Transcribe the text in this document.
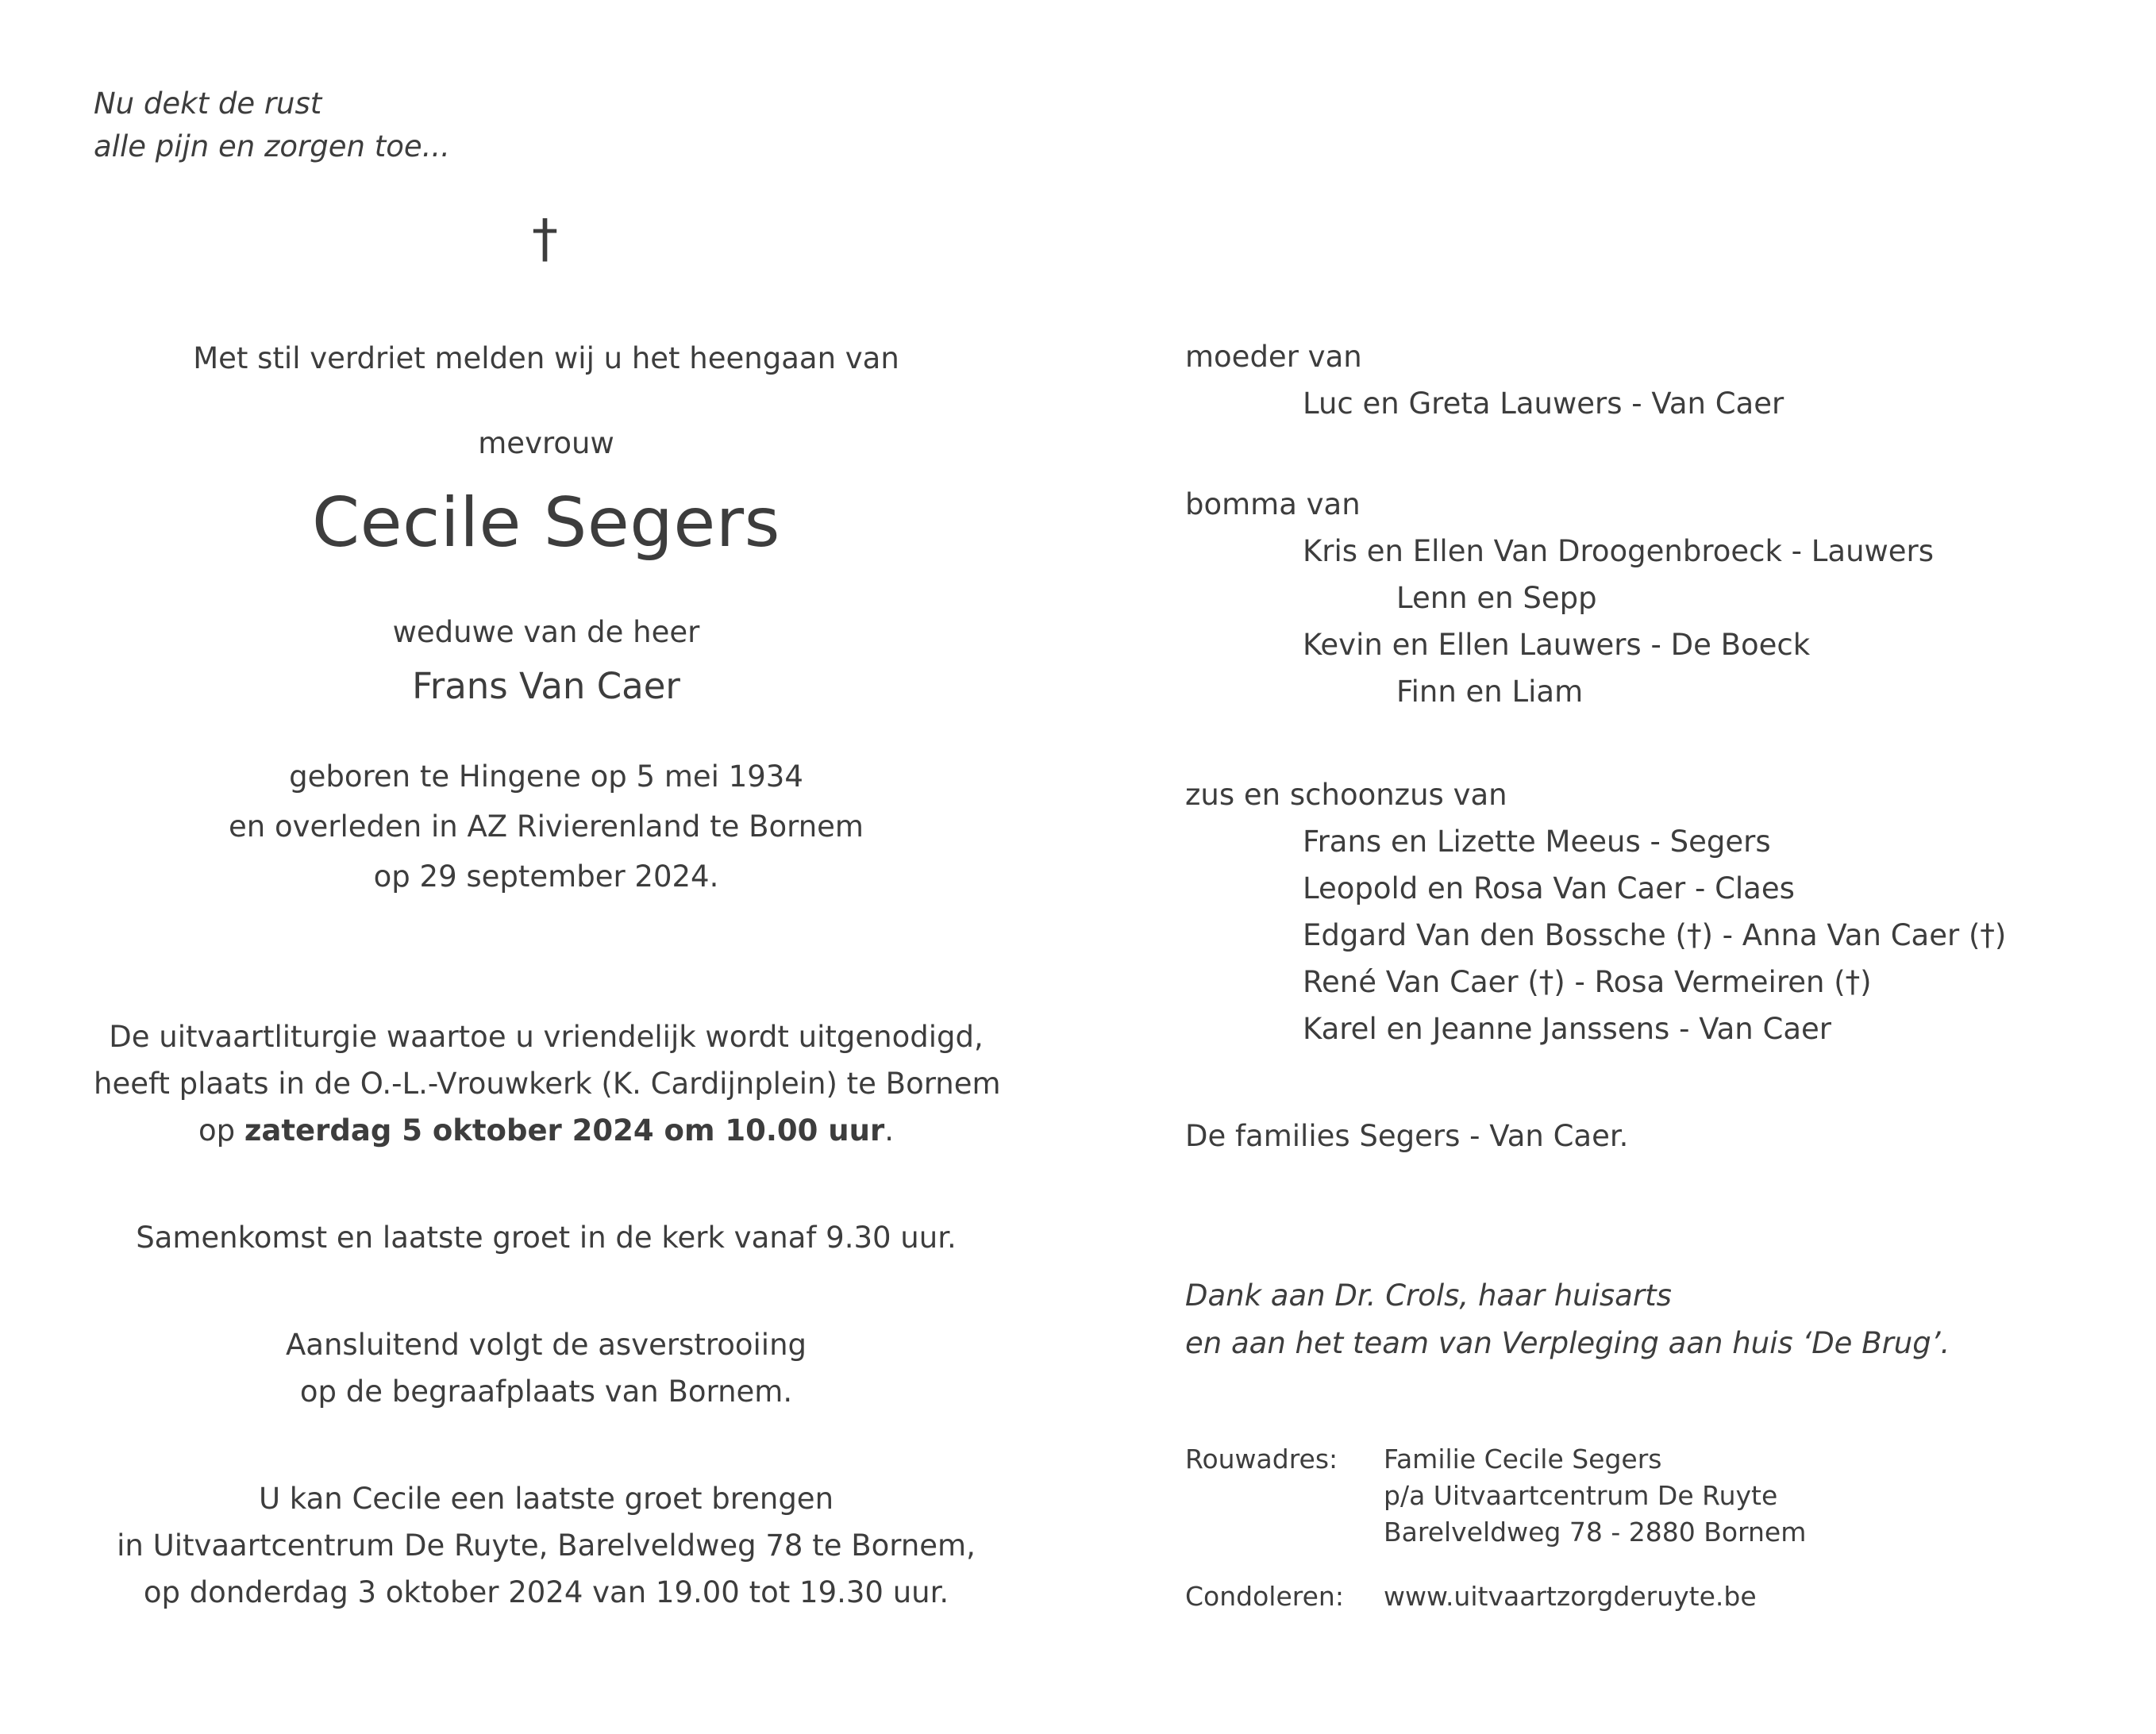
Nu dekt de rust
alle pijn en zorgen toe...
†

Met stil verdriet melden wij u het heengaan van

mevrouw

Cecile Segers

weduwe van de heer

Frans Van Caer

geboren te Hingene op 5 mei 1934

en overleden in AZ Rivierenland te Bornem

op 29 september 2024.

De uitvaartliturgie waartoe u vriendelijk wordt uitgenodigd,

heeft plaats in de O.-L.-Vrouwkerk (K. Cardijnplein) te Bornem

op zaterdag 5 oktober 2024 om 10.00 uur.

Samenkomst en laatste groet in de kerk vanaf 9.30 uur.

Aansluitend volgt de asverstrooiing

op de begraafplaats van Bornem.

U kan Cecile een laatste groet brengen

in Uitvaartcentrum De Ruyte, Barelveldweg 78 te Bornem,

op donderdag 3 oktober 2024 van 19.00 tot 19.30 uur.

moeder van

Luc en Greta Lauwers - Van Caer

bomma van

Kris en Ellen Van Droogenbroeck - Lauwers

Lenn en Sepp

Kevin en Ellen Lauwers - De Boeck

Finn en Liam

zus en schoonzus van

Frans en Lizette Meeus - Segers

Leopold en Rosa Van Caer - Claes

Edgard Van den Bossche (†) - Anna Van Caer (†)

René Van Caer (†) - Rosa Vermeiren (†)

Karel en Jeanne Janssens - Van Caer

De families Segers - Van Caer.

Dank aan Dr. Crols, haar huisarts

en aan het team van Verpleging aan huis ‘De Brug’.

Rouwadres: Familie Cecile Segers

p/a Uitvaartcentrum De Ruyte

Barelveldweg 78 - 2880 Bornem

Condoleren: www.uitvaartzorgderuyte.be
